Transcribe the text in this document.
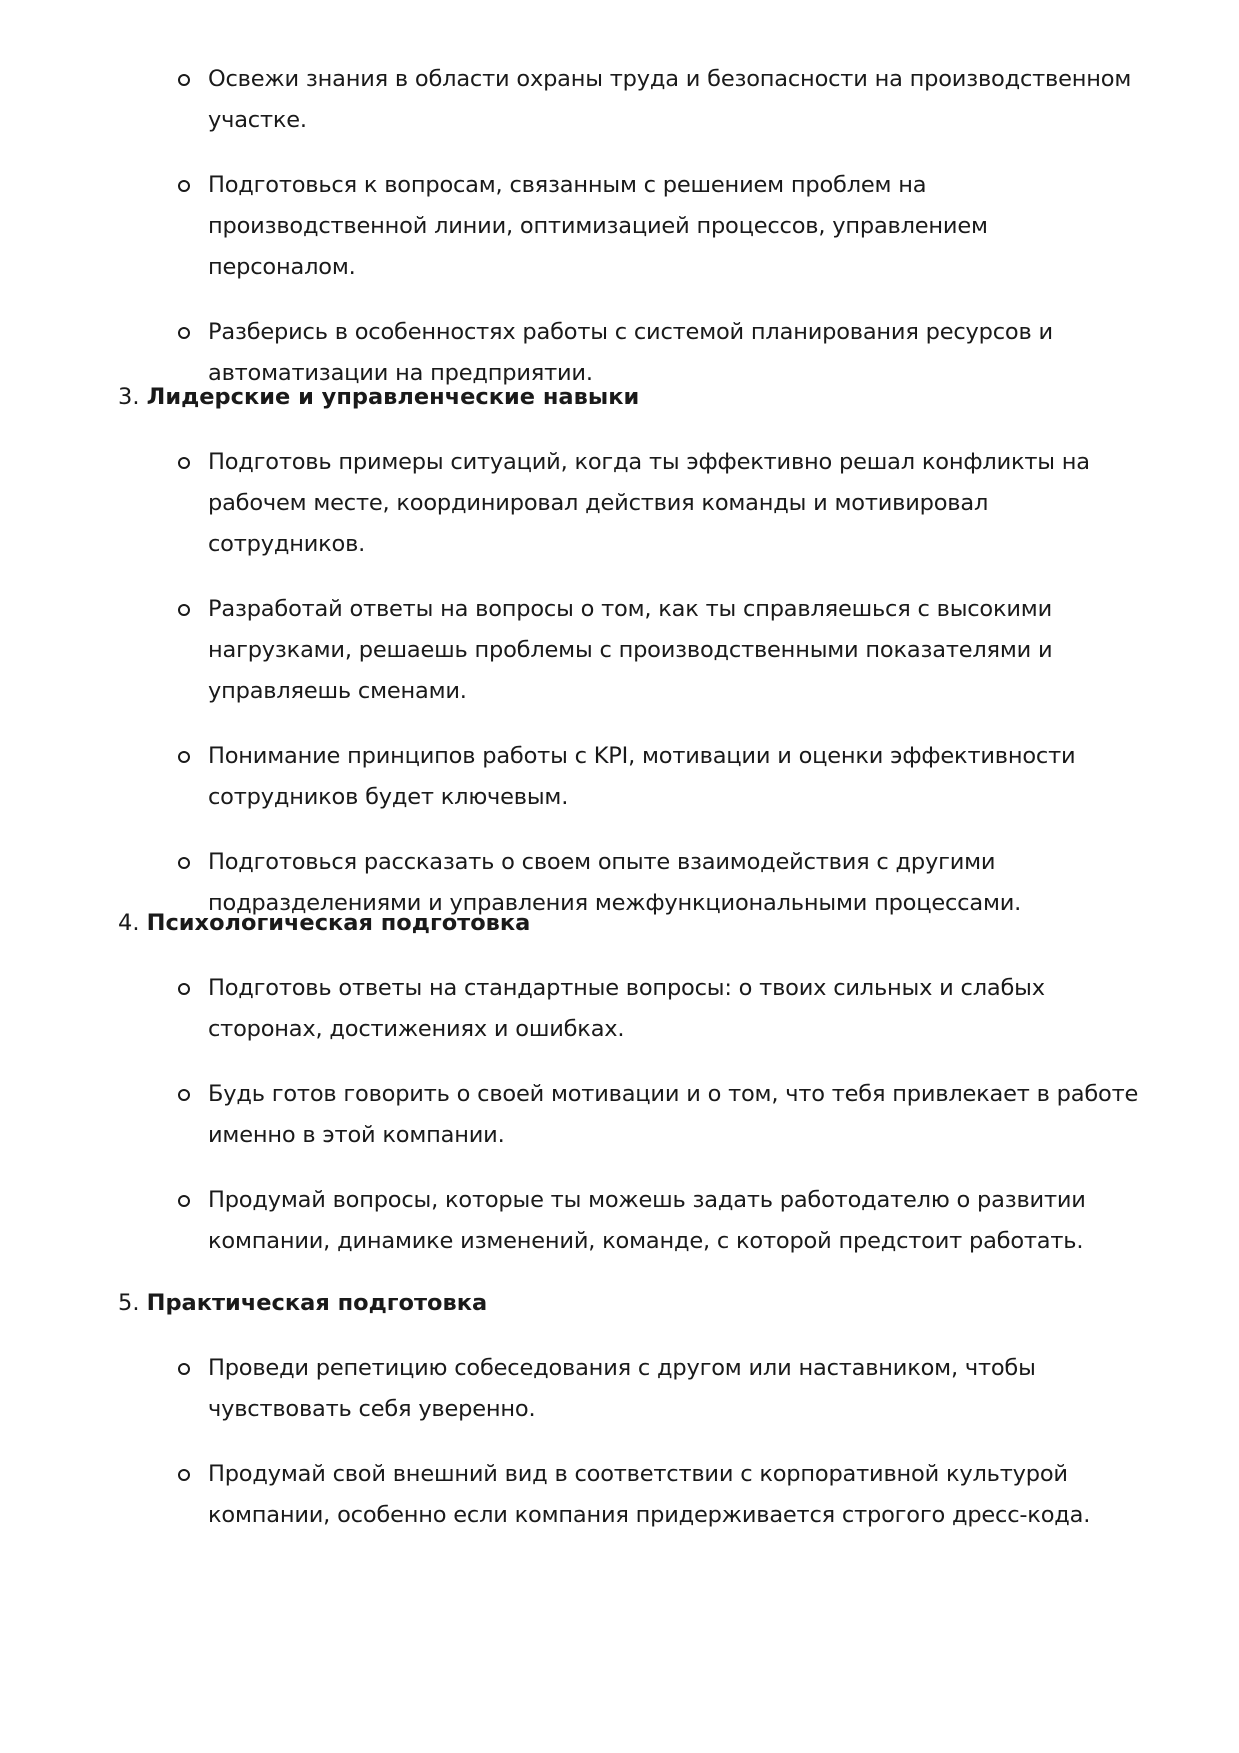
Освежи знания в области охраны труда и безопасности на производственном участке.
Подготовься к вопросам, связанным с решением проблем на производственной линии, оптимизацией процессов, управлением персоналом.
Разберись в особенностях работы с системой планирования ресурсов и автоматизации на предприятии.
3. Лидерские и управленческие навыки
Подготовь примеры ситуаций, когда ты эффективно решал конфликты на рабочем месте, координировал действия команды и мотивировал сотрудников.
Разработай ответы на вопросы о том, как ты справляешься с высокими нагрузками, решаешь проблемы с производственными показателями и управляешь сменами.
Понимание принципов работы с KPI, мотивации и оценки эффективности сотрудников будет ключевым.
Подготовься рассказать о своем опыте взаимодействия с другими подразделениями и управления межфункциональными процессами.
4. Психологическая подготовка
Подготовь ответы на стандартные вопросы: о твоих сильных и слабых сторонах, достижениях и ошибках.
Будь готов говорить о своей мотивации и о том, что тебя привлекает в работе именно в этой компании.
Продумай вопросы, которые ты можешь задать работодателю о развитии компании, динамике изменений, команде, с которой предстоит работать.
5. Практическая подготовка
Проведи репетицию собеседования с другом или наставником, чтобы чувствовать себя уверенно.
Продумай свой внешний вид в соответствии с корпоративной культурой компании, особенно если компания придерживается строгого дресс-кода.
